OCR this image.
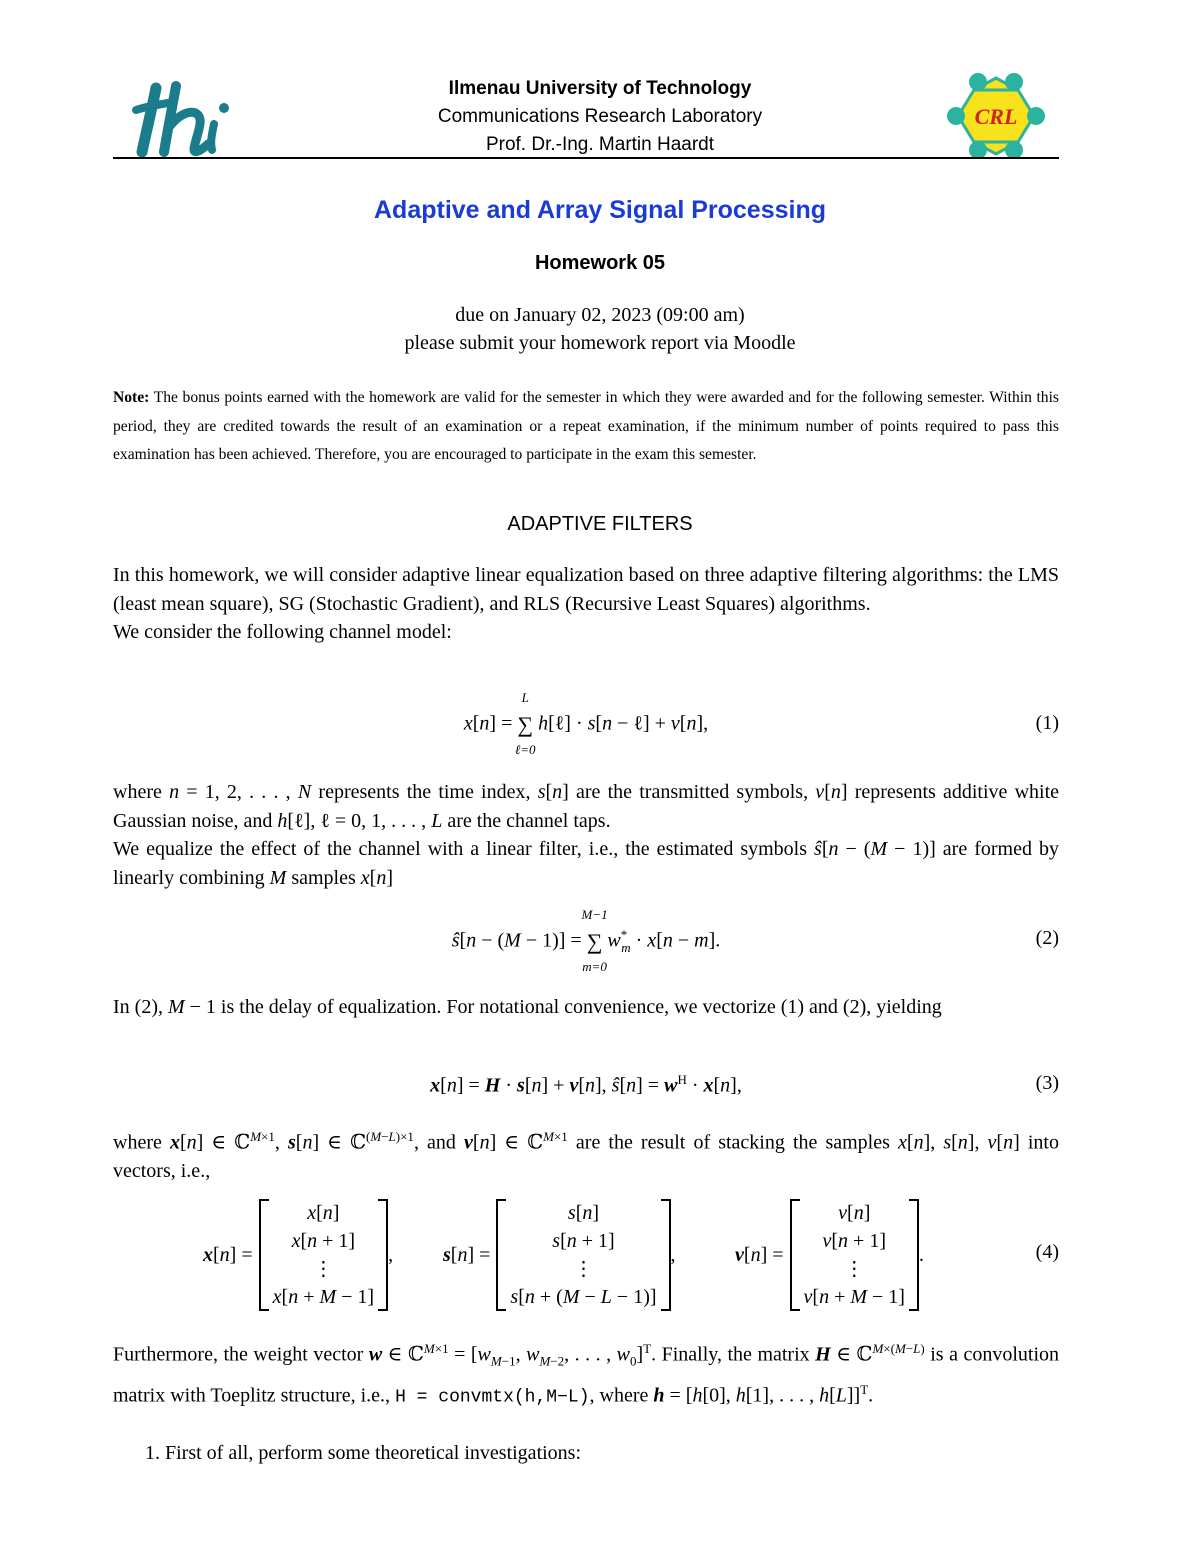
Ilmenau University of Technology
Communications Research Laboratory
Prof. Dr.-Ing. Martin Haardt
CRL
Adaptive and Array Signal Processing
Homework 05
due on January 02, 2023 (09:00 am)
please submit your homework report via Moodle
Note: The bonus points earned with the homework are valid for the semester in which they were awarded and for the following semester. Within this period, they are credited towards the result of an examination or a repeat examination, if the minimum number of points required to pass this examination has been achieved. Therefore, you are encouraged to participate in the exam this semester.
ADAPTIVE FILTERS
In this homework, we will consider adaptive linear equalization based on three adaptive filtering algorithms: the LMS (least mean square), SG (Stochastic Gradient), and RLS (Recursive Least Squares) algorithms.
We consider the following channel model:
x[n] = ∑
L
ℓ=0
h[ℓ] · s[n − ℓ] + ν[n],	(1)
where n = 1, 2, . . . , N represents the time index, s[n] are the transmitted symbols, ν[n] represents additive white Gaussian noise, and h[ℓ], ℓ = 0, 1, . . . , L are the channel taps.
We equalize the effect of the channel with a linear filter, i.e., the estimated symbols ŝ[n − (M − 1)] are formed by linearly combining M samples x[n]
ŝ[n − (M − 1)] = ∑
M−1
m=0
$w^*_m \cdot x[n - m]$.	(2)
In (2), M − 1 is the delay of equalization. For notational convenience, we vectorize (1) and (2), yielding
x[n] = H · s[n] + ν[n], ŝ[n] = $w^H \cdot x[n]$,	(3)
where x[n] ∈ ℂ$^{M\times 1}$, s[n] ∈ ℂ$^{(M-L)\times 1}$, and ν[n] ∈ ℂ$^{M\times 1}$ are the result of stacking the samples x[n], s[n], ν[n] into vectors, i.e.,
x[n] =
x[n]
x[n + 1]
⋮
x[n + M − 1]
, s[n] =
s[n]
s[n + 1]
⋮
s[n + (M − L − 1)]
,	ν[n] =
ν[n]
ν[n + 1]
⋮
ν[n + M − 1]
.	(4)
Furthermore, the weight vector w ∈ ℂ$^{M\times 1}$ = [$w_{M-1}$, $w_{M-2}$, . . . , $w_0]^T$. Finally, the matrix H ∈ ℂ$^{M\times(M-L)}$ is a convolution matrix with Toeplitz structure, i.e., H = convmtx(h,M−L), where h = [h[0], h[1], . . . , h[L]]$^T$.
1. First of all, perform some theoretical investigations:
